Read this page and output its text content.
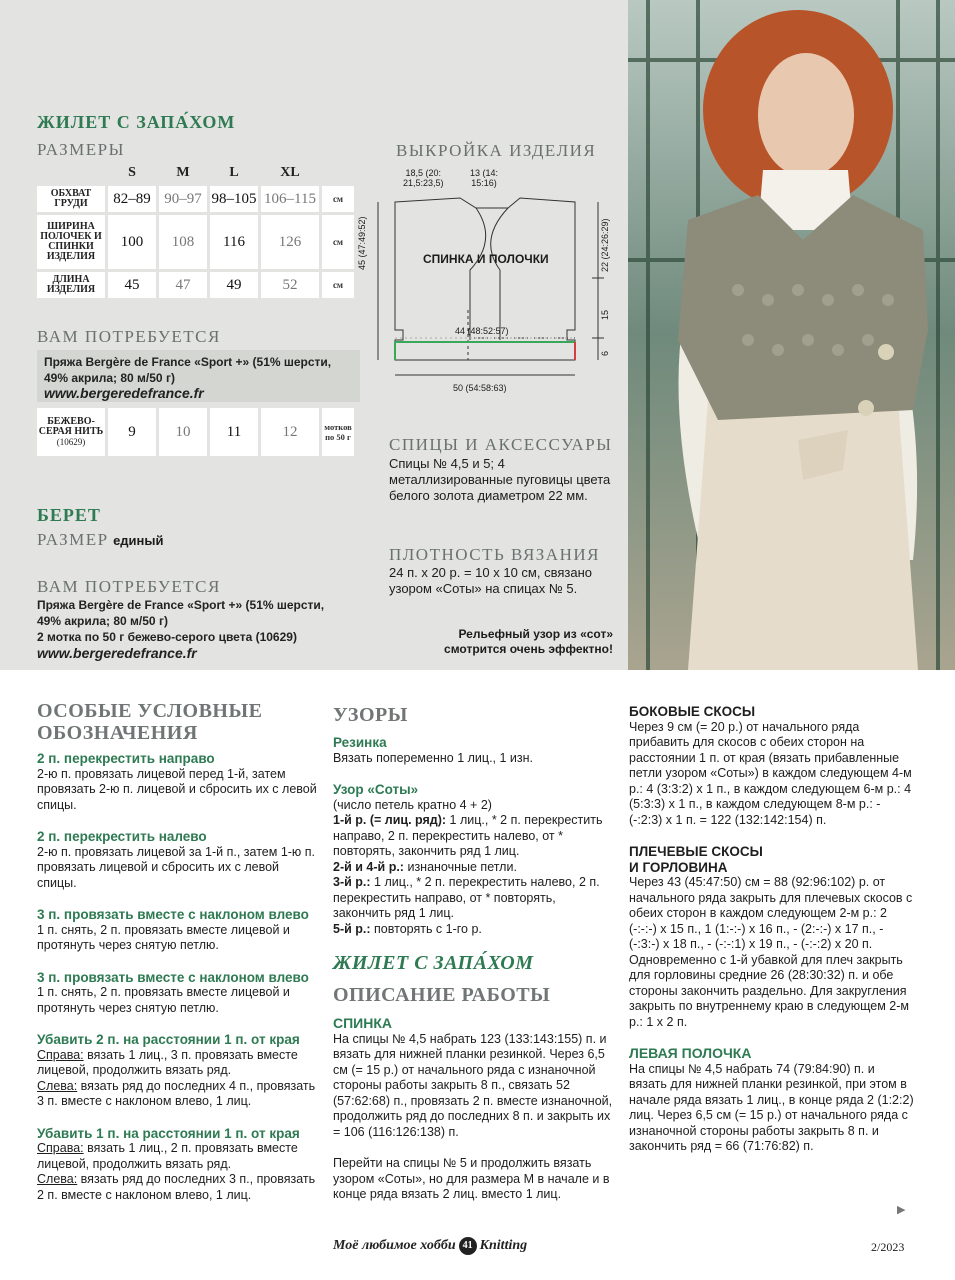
ЖИЛЕТ С ЗАПА́ХОМ
РАЗМЕРЫ
	S	M	L	XL	
ОБХВАТ ГРУДИ	82–89	90–97	98–105	106–115	см
ШИРИНА ПОЛОЧЕК И СПИНКИ ИЗДЕЛИЯ	100	108	116	126	см
ДЛИНА ИЗДЕЛИЯ	45	47	49	52	см
ВАМ ПОТРЕБУЕТСЯ
Пряжа Bergère de France «Sport +» (51% шерсти, 49% акрила; 80 м/50 г)
www.bergeredefrance.fr
БЕЖЕВО-СЕРАЯ НИТЬ
(10629)	9	10	11	12	мотков по 50 г
БЕРЕТ
РАЗМЕР единый
ВАМ ПОТРЕБУЕТСЯ
Пряжа Bergère de France «Sport +» (51% шерсти,
49% акрила; 80 м/50 г)
2 мотка по 50 г бежево-серого цвета (10629)
www.bergeredefrance.fr
ВЫКРОЙКА ИЗДЕЛИЯ
18,5 (20:
21,5:23,5)
13 (14:
15:16)
СПИНКА И ПОЛОЧКИ
45 (47:49:52)	22 (24:26:29)
15
6
44 (48:52:57)
50 (54:58:63)
СПИЦЫ И АКСЕССУАРЫ
Спицы № 4,5 и 5; 4 металлизированные пуговицы цвета белого золота диаметром 22 мм.
ПЛОТНОСТЬ ВЯЗАНИЯ
24 п. х 20 р. = 10 х 10 см, связано узором «Соты» на спицах № 5.
Рельефный узор из «сот»
смотрится очень эффектно!
ОСОБЫЕ УСЛОВНЫЕ
ОБОЗНАЧЕНИЯ

2 п. перекрестить направо

2-ю п. провязать лицевой перед 1-й, затем провязать 2-ю п. лицевой и сбросить их с левой спицы.

2 п. перекрестить налево

2-ю п. провязать лицевой за 1-й п., затем 1-ю п. провязать лицевой и сбросить их с левой спицы.

3 п. провязать вместе с наклоном влево

1 п. снять, 2 п. провязать вместе лицевой и протянуть через снятую петлю.

3 п. провязать вместе с наклоном влево

1 п. снять, 2 п. провязать вместе лицевой и протянуть через снятую петлю.

Убавить 2 п. на расстоянии 1 п. от края

Справа: вязать 1 лиц., 3 п. провязать вместе лицевой, продолжить вязать ряд.

Слева: вязать ряд до последних 4 п., провязать 3 п. вместе с наклоном влево, 1 лиц.

Убавить 1 п. на расстоянии 1 п. от края

Справа: вязать 1 лиц., 2 п. провязать вместе лицевой, продолжить вязать ряд.

Слева: вязать ряд до последних 3 п., провязать 2 п. вместе с наклоном влево, 1 лиц.

УЗОРЫ

Резинка

Вязать попеременно 1 лиц., 1 изн.

Узор «Соты»

(число петель кратно 4 + 2)

1-й р. (= лиц. ряд): 1 лиц., * 2 п. перекрестить направо, 2 п. перекрестить налево, от * повторять, закончить ряд 1 лиц.

2-й и 4-й р.: изнаночные петли.

3-й р.: 1 лиц., * 2 п. перекрестить налево, 2 п. перекрестить направо, от * повторять, закончить ряд 1 лиц.

5-й р.: повторять с 1-го р.

ЖИЛЕТ С ЗАПА́ХОМ
ОПИСАНИЕ РАБОТЫ

СПИНКА

На спицы № 4,5 набрать 123 (133:143:155) п. и вязать для нижней планки резинкой. Через 6,5 см (= 15 р.) от начального ряда с изнаночной стороны работы закрыть 8 п., связать 52 (57:62:68) п., провязать 2 п. вместе изнаночной, продолжить ряд до последних 8 п. и закрыть их = 106 (116:126:138) п.

Перейти на спицы № 5 и продолжить вязать узором «Соты», но для размера M в начале и в конце ряда вязать 2 лиц. вместо 1 лиц.

БОКОВЫЕ СКОСЫ

Через 9 см (= 20 р.) от начального ряда прибавить для скосов с обеих сторон на расстоянии 1 п. от края (вязать прибавленные петли узором «Соты») в каждом следующем 4-м р.: 4 (3:3:2) х 1 п., в каждом следующем 6-м р.: 4 (5:3:3) х 1 п., в каждом следующем 8-м р.: - (-:2:3) х 1 п. = 122 (132:142:154) п.

ПЛЕЧЕВЫЕ СКОСЫ

И ГОРЛОВИНА

Через 43 (45:47:50) см = 88 (92:96:102) р. от начального ряда закрыть для плечевых скосов с обеих сторон в каждом следующем 2-м р.: 2 (-:-:-) х 15 п., 1 (1:-:-) х 16 п., - (2:-:-) х 17 п., - (-:3:-) х 18 п., - (-:-:1) х 19 п., - (-:-:2) х 20 п.

Одновременно с 1-й убавкой для плеч закрыть для горловины средние 26 (28:30:32) п. и обе стороны закончить раздельно. Для закругления закрыть по внутреннему краю в следующем 2-м р.: 1 х 2 п.

ЛЕВАЯ ПОЛОЧКА

На спицы № 4,5 набрать 74 (79:84:90) п. и вязать для нижней планки резинкой, при этом в начале ряда вязать 1 лиц., в конце ряда 2 (1:2:2) лиц. Через 6,5 см (= 15 р.) от начального ряда с изнаночной стороны работы закрыть 8 п. и закончить ряд = 66 (71:76:82) п.

▶
Моё любимое хобби 41 Knitting	2/2023
